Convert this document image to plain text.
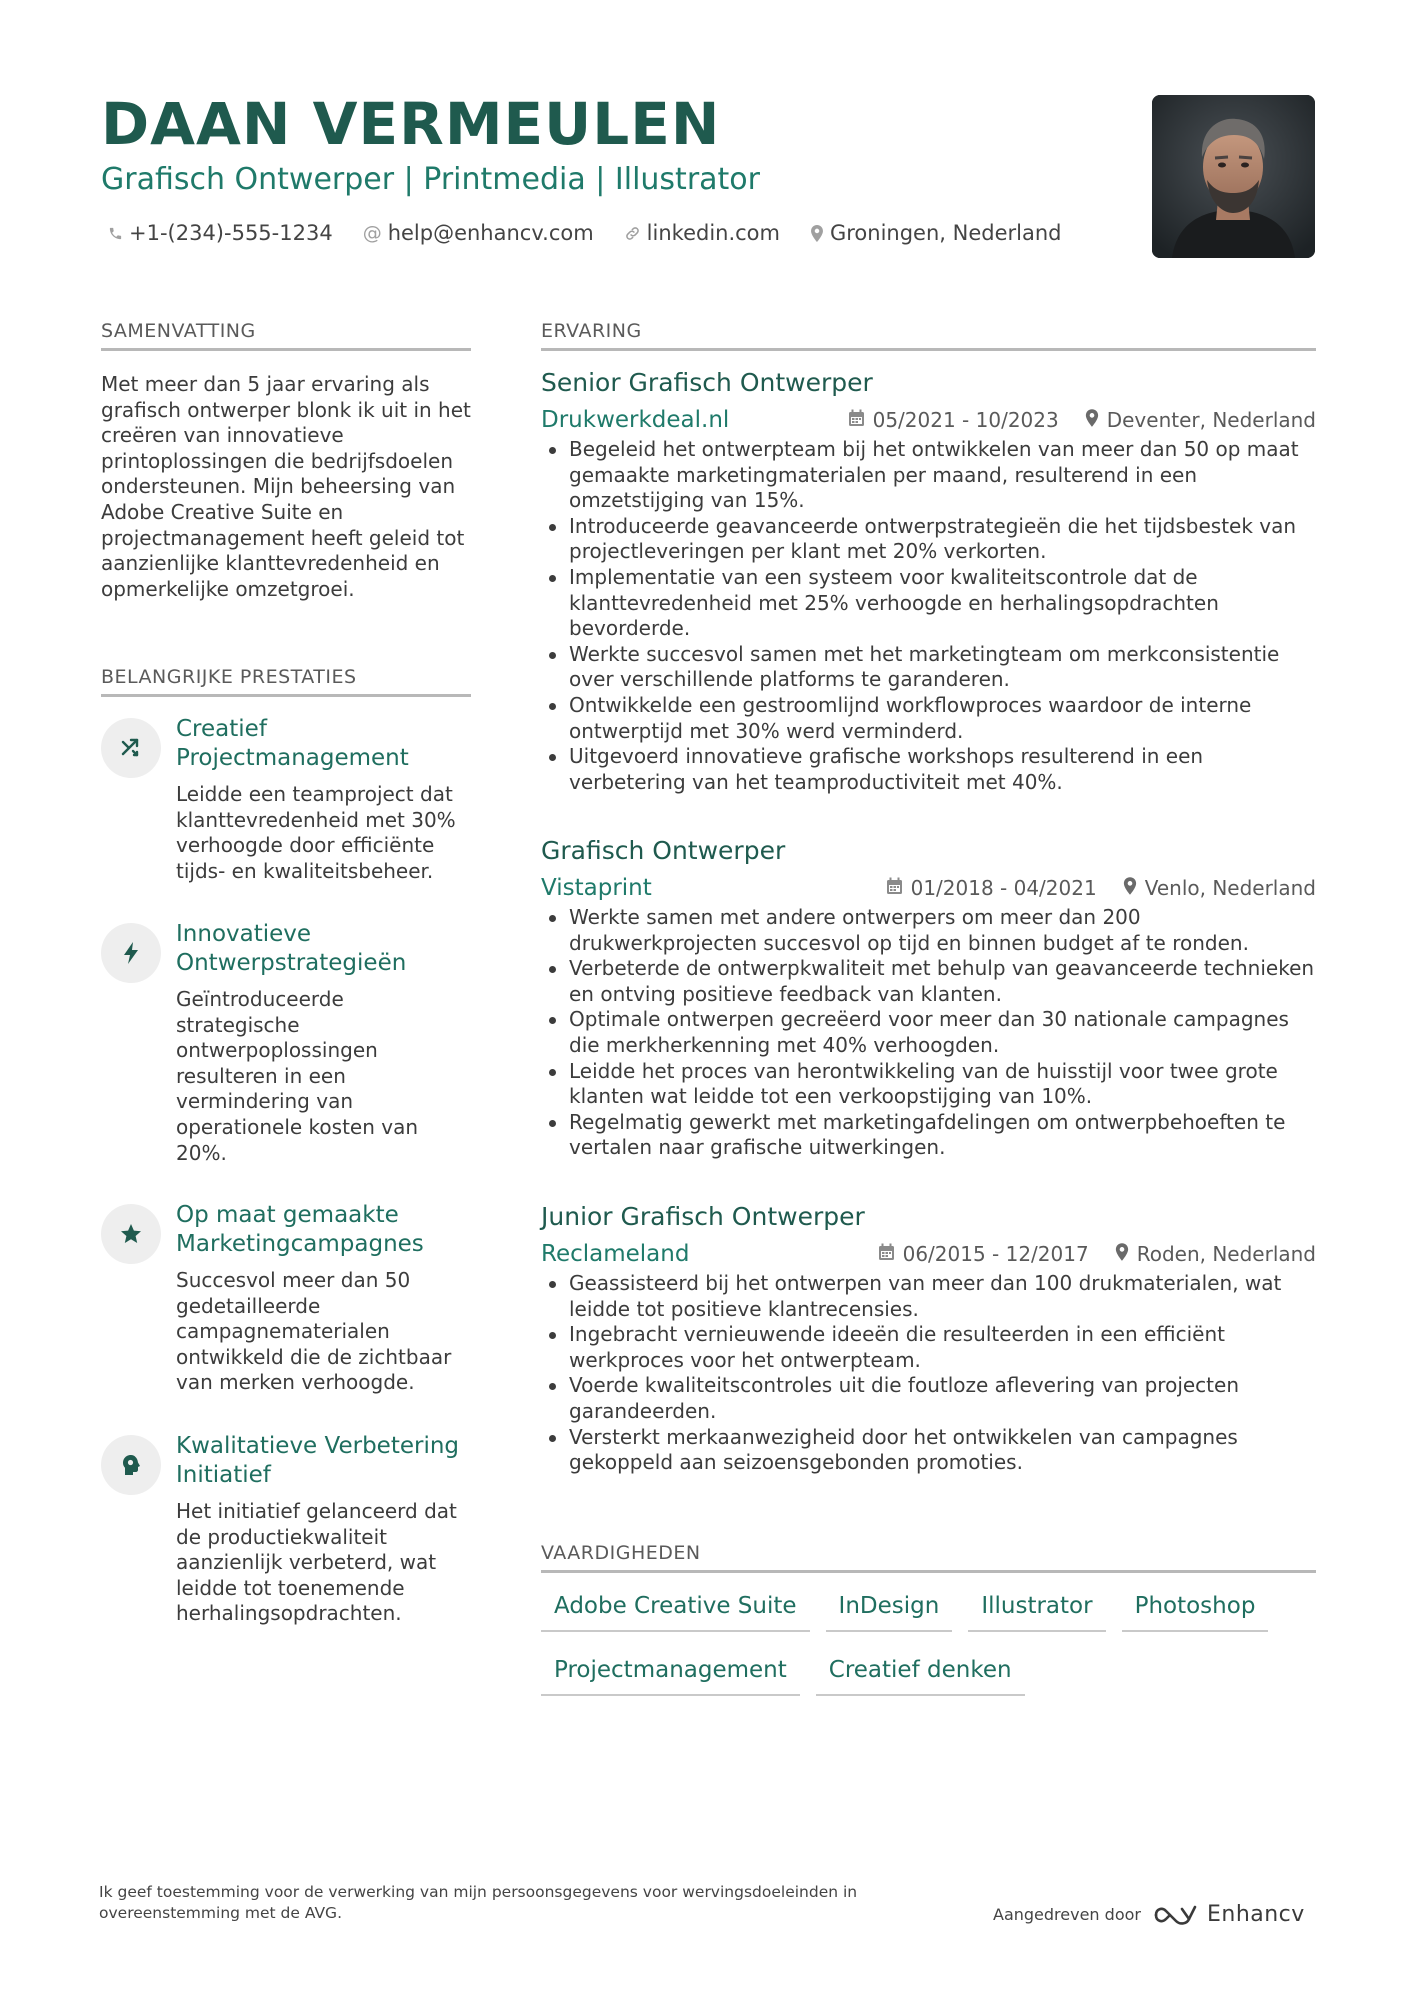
DAAN VERMEULEN
Grafisch Ontwerper | Printmedia | Illustrator
+1-(234)-555-1234 @ help@enhancv.com	linkedin.com Groningen, Nederland
SAMENVATTING
Met meer dan 5 jaar ervaring als grafisch ontwerper blonk ik uit in het creëren van innovatieve printoplossingen die bedrijfsdoelen ondersteunen. Mijn beheersing van Adobe Creative Suite en projectmanagement heeft geleid tot aanzienlijke klanttevredenheid en opmerkelijke omzetgroei.
BELANGRIJKE PRESTATIES
Creatief Projectmanagement
Leidde een teamproject dat klanttevredenheid met 30% verhoogde door efficiënte tijds- en kwaliteitsbeheer.
Innovatieve Ontwerpstrategieën
Geïntroduceerde strategische ontwerpoplossingen resulteren in een vermindering van operationele kosten van 20%.
Op maat gemaakte Marketingcampagnes
Succesvol meer dan 50 gedetailleerde campagnematerialen ontwikkeld die de zichtbaar van merken verhoogde.
Kwalitatieve Verbetering Initiatief
Het initiatief gelanceerd dat de productiekwaliteit aanzienlijk verbeterd, wat leidde tot toenemende herhalingsopdrachten.
ERVARING
Senior Grafisch Ontwerper
Drukwerkdeal.nl	05/2021 - 10/2023 Deventer, Nederland
Begeleid het ontwerpteam bij het ontwikkelen van meer dan 50 op maat gemaakte marketingmaterialen per maand, resulterend in een omzetstijging van 15%.
Introduceerde geavanceerde ontwerpstrategieën die het tijdsbestek van projectleveringen per klant met 20% verkorten.
Implementatie van een systeem voor kwaliteitscontrole dat de klanttevredenheid met 25% verhoogde en herhalingsopdrachten bevorderde.
Werkte succesvol samen met het marketingteam om merkconsistentie over verschillende platforms te garanderen.
Ontwikkelde een gestroomlijnd workflowproces waardoor de interne ontwerptijd met 30% werd verminderd.
Uitgevoerd innovatieve grafische workshops resulterend in een verbetering van het teamproductiviteit met 40%.
Grafisch Ontwerper
Vistaprint	01/2018 - 04/2021 Venlo, Nederland
Werkte samen met andere ontwerpers om meer dan 200 drukwerkprojecten succesvol op tijd en binnen budget af te ronden.
Verbeterde de ontwerpkwaliteit met behulp van geavanceerde technieken en ontving positieve feedback van klanten.
Optimale ontwerpen gecreëerd voor meer dan 30 nationale campagnes die merkherkenning met 40% verhoogden.
Leidde het proces van herontwikkeling van de huisstijl voor twee grote klanten wat leidde tot een verkoopstijging van 10%.
Regelmatig gewerkt met marketingafdelingen om ontwerpbehoeften te vertalen naar grafische uitwerkingen.
Junior Grafisch Ontwerper
Reclameland	06/2015 - 12/2017 Roden, Nederland
Geassisteerd bij het ontwerpen van meer dan 100 drukmaterialen, wat leidde tot positieve klantrecensies.
Ingebracht vernieuwende ideeën die resulteerden in een efficiënt werkproces voor het ontwerpteam.
Voerde kwaliteitscontroles uit die foutloze aflevering van projecten garandeerden.
Versterkt merkaanwezigheid door het ontwikkelen van campagnes gekoppeld aan seizoensgebonden promoties.
VAARDIGHEDEN
Adobe Creative Suite	InDesign	Illustrator	Photoshop
Projectmanagement	Creatief denken
Ik geef toestemming voor de verwerking van mijn persoonsgegevens voor wervingsdoeleinden in overeenstemming met de AVG.	Aangedreven door	Enhancv
